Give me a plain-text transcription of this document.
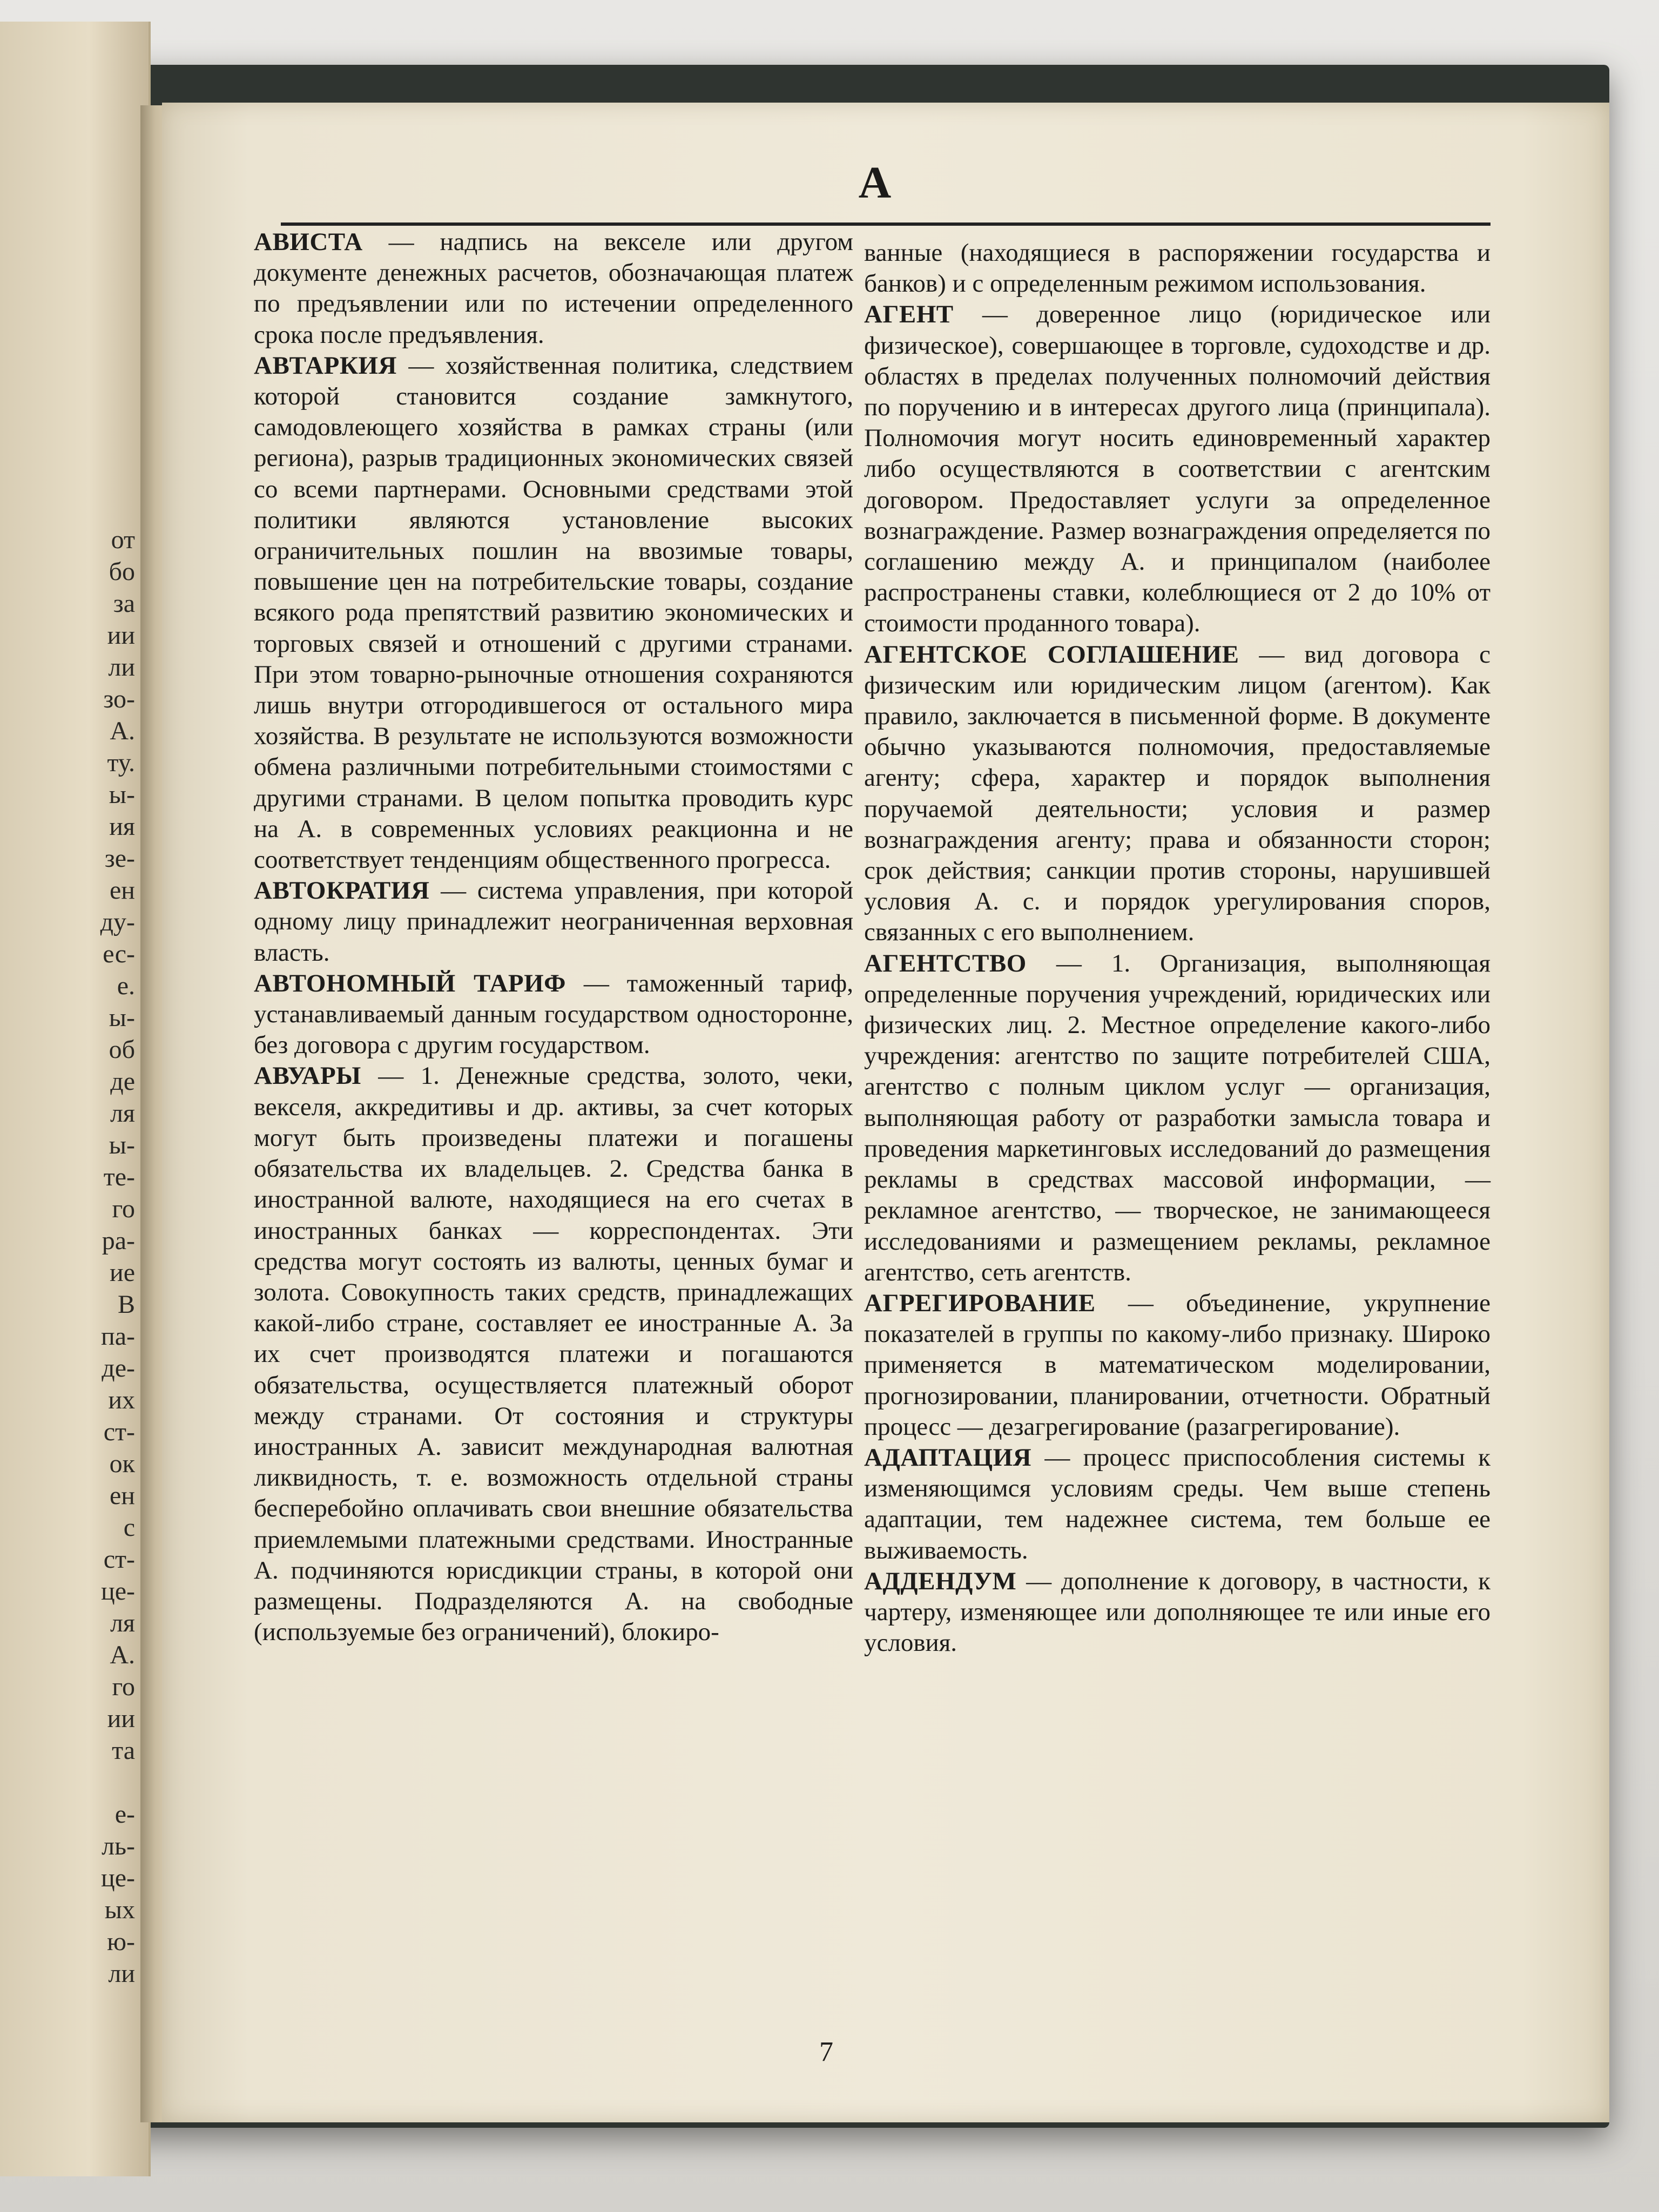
от
бо
за
ии
ли
зо-
А.
ту.
ы-
ия
зе-
ен
ду-
ес-
е.
ы-
об
де
ля
ы-
те-
го
ра-
ие
В
па-
де-
их
ст-
ок
ен
с
ст-
це-
ля
А.
го
ии
та
е-
ль-
це-
ых
ю-
ли
А

АВИСТА — надпись на векселе или другом документе денежных расчетов, обозначающая платеж по предъявлении или по истечении определенного срока после предъявления.

АВТАРКИЯ — хозяйственная политика, следствием которой становится создание замкнутого, самодовлеющего хозяйства в рамках страны (или региона), разрыв традиционных экономических связей со всеми партнерами. Основными средствами этой политики являются установление высоких ограничительных пошлин на ввозимые товары, повышение цен на потребительские товары, создание всякого рода препятствий развитию экономических и торговых связей и отношений с другими странами. При этом товарно-рыночные отношения сохраняются лишь внутри отгородившегося от остального мира хозяйства. В результате не используются возможности обмена различными потребительными стоимостями с другими странами. В целом попытка проводить курс на А. в современных условиях реакционна и не соответствует тенденциям общественного прогресса.

АВТОКРАТИЯ — система управления, при которой одному лицу принадлежит неограниченная верховная власть.

АВТОНОМНЫЙ ТАРИФ — таможенный тариф, устанавливаемый данным государством односторонне, без договора с другим государством.

АВУАРЫ — 1. Денежные средства, золото, чеки, векселя, аккредитивы и др. активы, за счет которых могут быть произведены платежи и погашены обязательства их владельцев. 2. Средства банка в иностранной валюте, находящиеся на его счетах в иностранных банках — корреспондентах. Эти средства могут состоять из валюты, ценных бумаг и золота. Совокупность таких средств, принадлежащих какой-либо стране, составляет ее иностранные А. За их счет производятся платежи и погашаются обязательства, осуществляется платежный оборот между странами. От состояния и структуры иностранных А. зависит международная валютная ликвидность, т. е. возможность отдельной страны бесперебойно оплачивать свои внешние обязательства приемлемыми платежными средствами. Иностранные А. подчиняются юрисдикции страны, в которой они размещены. Подразделяются А. на свободные (используемые без ограничений), блокиро-

ванные (находящиеся в распоряжении государства и банков) и с определенным режимом использования.

АГЕНТ — доверенное лицо (юридическое или физическое), совершающее в торговле, судоходстве и др. областях в пределах полученных полномочий действия по поручению и в интересах другого лица (принципала). Полномочия могут носить единовременный характер либо осуществляются в соответствии с агентским договором. Предоставляет услуги за определенное вознаграждение. Размер вознаграждения определяется по соглашению между А. и принципалом (наиболее распространены ставки, колеблющиеся от 2 до 10% от стоимости проданного товара).

АГЕНТСКОЕ СОГЛАШЕНИЕ — вид договора с физическим или юридическим лицом (агентом). Как правило, заключается в письменной форме. В документе обычно указываются полномочия, предоставляемые агенту; сфера, характер и порядок выполнения поручаемой деятельности; условия и размер вознаграждения агенту; права и обязанности сторон; срок действия; санкции против стороны, нарушившей условия А. с. и порядок урегулирования споров, связанных с его выполнением.

АГЕНТСТВО — 1. Организация, выполняющая определенные поручения учреждений, юридических или физических лиц. 2. Местное определение какого-либо учреждения: агентство по защите потребителей США, агентство с полным циклом услуг — организация, выполняющая работу от разработки замысла товара и проведения маркетинговых исследований до размещения рекламы в средствах массовой информации, — рекламное агентство, — творческое, не занимающееся исследованиями и размещением рекламы, рекламное агентство, сеть агентств.

АГРЕГИРОВАНИЕ — объединение, укрупнение показателей в группы по какому-либо признаку. Широко применяется в математическом моделировании, прогнозировании, планировании, отчетности. Обратный процесс — дезагрегирование (разагрегирование).

АДАПТАЦИЯ — процесс приспособления системы к изменяющимся условиям среды. Чем выше степень адаптации, тем надежнее система, тем больше ее выживаемость.

АДДЕНДУМ — дополнение к договору, в частности, к чартеру, изменяющее или дополняющее те или иные его условия.

7
